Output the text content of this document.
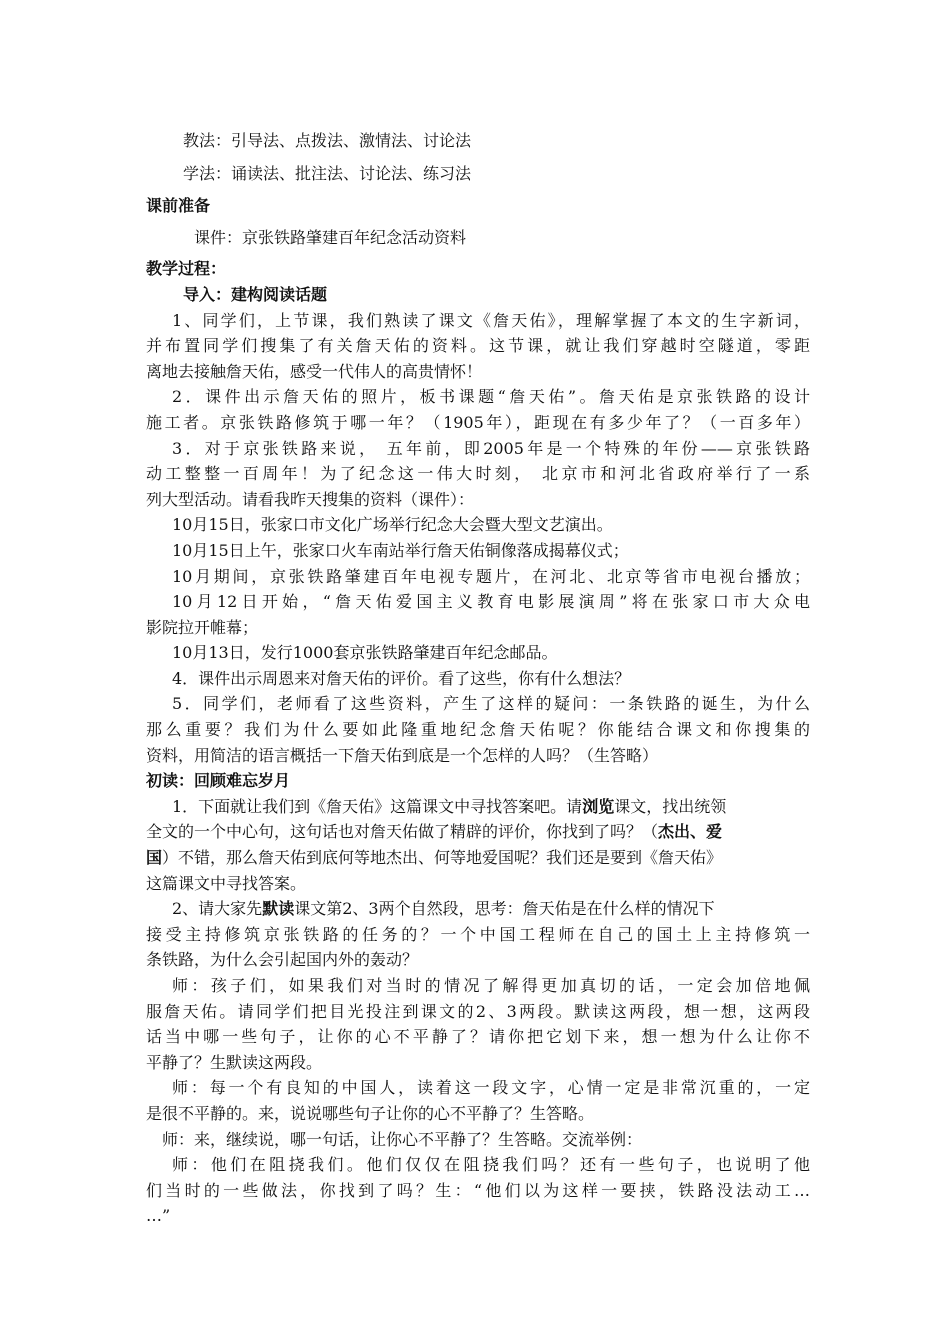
教法：引导法、点拨法、激情法、讨论法
学法：诵读法、批注法、讨论法、练习法
课前准备
课件：京张铁路肇建百年纪念活动资料
教学过程：
导入：建构阅读话题
1、同学们，上节课，我们熟读了课文《詹天佑》，理解掌握了本文的生字新词，
并布置同学们搜集了有关詹天佑的资料。这节课，就让我们穿越时空隧道，零距
离地去接触詹天佑，感受一代伟人的高贵情怀！
2．课件出示詹天佑的照片，板书课题“詹天佑”。詹天佑是京张铁路的设计
施工者。京张铁路修筑于哪一年？（1905年），距现在有多少年了？（一百多年）
3．对于京张铁路来说， 五年前，即2005年是一个特殊的年份——京张铁路
动工整整一百周年！为了纪念这一伟大时刻， 北京市和河北省政府举行了一系
列大型活动。请看我昨天搜集的资料（课件）：
10月15日，张家口市文化广场举行纪念大会暨大型文艺演出。
10月15日上午，张家口火车南站举行詹天佑铜像落成揭幕仪式；
10月期间，京张铁路肇建百年电视专题片，在河北、北京等省市电视台播放；
10月12日开始，“詹天佑爱国主义教育电影展演周”将在张家口市大众电
影院拉开帷幕；
10月13日，发行1000套京张铁路肇建百年纪念邮品。
4．课件出示周恩来对詹天佑的评价。看了这些，你有什么想法？
5．同学们，老师看了这些资料，产生了这样的疑问：一条铁路的诞生，为什么
那么重要？我们为什么要如此隆重地纪念詹天佑呢？你能结合课文和你搜集的
资料，用简洁的语言概括一下詹天佑到底是一个怎样的人吗？（生答略）
初读：回顾难忘岁月
1．下面就让我们到《詹天佑》这篇课文中寻找答案吧。请浏览课文，找出统领
全文的一个中心句，这句话也对詹天佑做了精辟的评价，你找到了吗？（杰出、爱
国）不错，那么詹天佑到底何等地杰出、何等地爱国呢？我们还是要到《詹天佑》
这篇课文中寻找答案。
2、请大家先默读课文第2、3两个自然段，思考：詹天佑是在什么样的情况下
接受主持修筑京张铁路的任务的？一个中国工程师在自己的国土上主持修筑一
条铁路，为什么会引起国内外的轰动？
师：孩子们，如果我们对当时的情况了解得更加真切的话，一定会加倍地佩
服詹天佑。请同学们把目光投注到课文的2、3两段。默读这两段，想一想，这两段
话当中哪一些句子，让你的心不平静了？请你把它划下来，想一想为什么让你不
平静了？生默读这两段。
师：每一个有良知的中国人，读着这一段文字，心情一定是非常沉重的，一定
是很不平静的。来，说说哪些句子让你的心不平静了？生答略。
师：来，继续说，哪一句话，让你心不平静了？生答略。交流举例：
师：他们在阻挠我们。他们仅仅在阻挠我们吗？还有一些句子，也说明了他
们当时的一些做法，你找到了吗？生：“他们以为这样一要挟，铁路没法动工…
…”
